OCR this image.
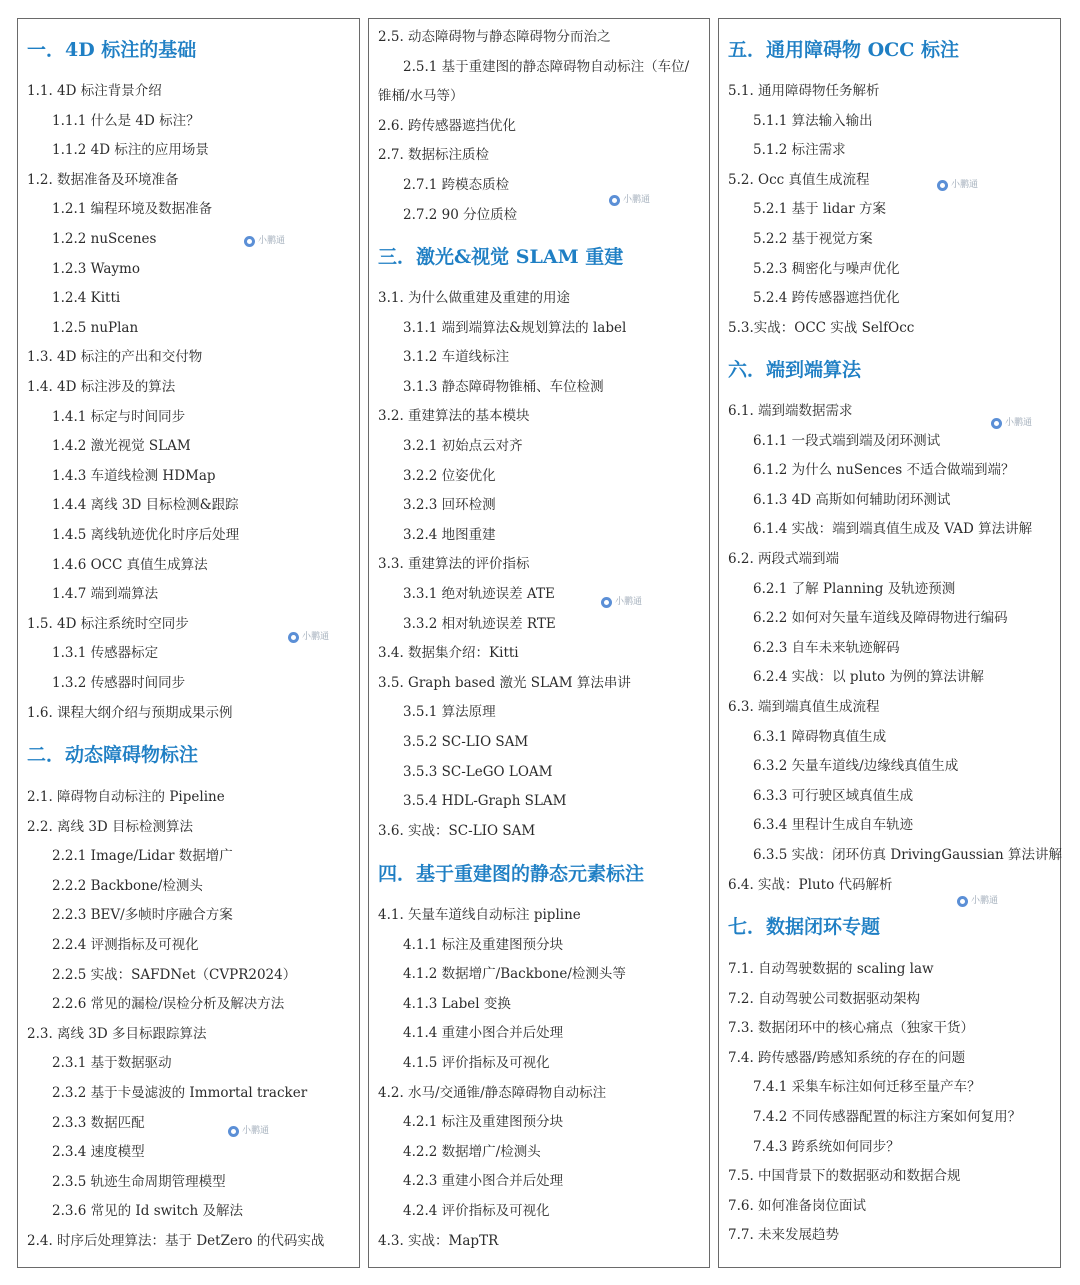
一．4D 标注的基础
1.1. 4D 标注背景介绍
1.1.1 什么是 4D 标注？
1.1.2 4D 标注的应用场景
1.2. 数据准备及环境准备
1.2.1 编程环境及数据准备
1.2.2 nuScenes
1.2.3 Waymo
1.2.4 Kitti
1.2.5 nuPlan
1.3. 4D 标注的产出和交付物
1.4. 4D 标注涉及的算法
1.4.1 标定与时间同步
1.4.2 激光视觉 SLAM
1.4.3 车道线检测 HDMap
1.4.4 离线 3D 目标检测&跟踪
1.4.5 离线轨迹优化时序后处理
1.4.6 OCC 真值生成算法
1.4.7 端到端算法
1.5. 4D 标注系统时空同步
1.3.1 传感器标定
1.3.2 传感器时间同步
1.6. 课程大纲介绍与预期成果示例
二．动态障碍物标注
2.1. 障碍物自动标注的 Pipeline
2.2. 离线 3D 目标检测算法
2.2.1 Image/Lidar 数据增广
2.2.2 Backbone/检测头
2.2.3 BEV/多帧时序融合方案
2.2.4 评测指标及可视化
2.2.5 实战：SAFDNet（CVPR2024）
2.2.6 常见的漏检/误检分析及解决方法
2.3. 离线 3D 多目标跟踪算法
2.3.1 基于数据驱动
2.3.2 基于卡曼滤波的 Immortal tracker
2.3.3 数据匹配
2.3.4 速度模型
2.3.5 轨迹生命周期管理模型
2.3.6 常见的 Id switch 及解法
2.4. 时序后处理算法：基于 DetZero 的代码实战
小鹏通
小鹏通
小鹏通
2.5. 动态障碍物与静态障碍物分而治之
2.5.1 基于重建图的静态障碍物自动标注（车位/
锥桶/水马等）
2.6. 跨传感器遮挡优化
2.7. 数据标注质检
2.7.1 跨模态质检
2.7.2 90 分位质检
三．激光&视觉 SLAM 重建
3.1. 为什么做重建及重建的用途
3.1.1 端到端算法&规划算法的 label
3.1.2 车道线标注
3.1.3 静态障碍物锥桶、车位检测
3.2. 重建算法的基本模块
3.2.1 初始点云对齐
3.2.2 位姿优化
3.2.3 回环检测
3.2.4 地图重建
3.3. 重建算法的评价指标
3.3.1 绝对轨迹误差 ATE
3.3.2 相对轨迹误差 RTE
3.4. 数据集介绍：Kitti
3.5. Graph based 激光 SLAM 算法串讲
3.5.1 算法原理
3.5.2 SC-LIO SAM
3.5.3 SC-LeGO LOAM
3.5.4 HDL-Graph SLAM
3.6. 实战：SC-LIO SAM
四．基于重建图的静态元素标注
4.1. 矢量车道线自动标注 pipline
4.1.1 标注及重建图预分块
4.1.2 数据增广/Backbone/检测头等
4.1.3 Label 变换
4.1.4 重建小图合并后处理
4.1.5 评价指标及可视化
4.2. 水马/交通锥/静态障碍物自动标注
4.2.1 标注及重建图预分块
4.2.2 数据增广/检测头
4.2.3 重建小图合并后处理
4.2.4 评价指标及可视化
4.3. 实战：MapTR
小鹏通
小鹏通
五．通用障碍物 OCC 标注
5.1. 通用障碍物任务解析
5.1.1 算法输入输出
5.1.2 标注需求
5.2. Occ 真值生成流程
5.2.1 基于 lidar 方案
5.2.2 基于视觉方案
5.2.3 稠密化与噪声优化
5.2.4 跨传感器遮挡优化
5.3.实战：OCC 实战 SelfOcc
六．端到端算法
6.1. 端到端数据需求
6.1.1 一段式端到端及闭环测试
6.1.2 为什么 nuSences 不适合做端到端？
6.1.3 4D 高斯如何辅助闭环测试
6.1.4 实战：端到端真值生成及 VAD 算法讲解
6.2. 两段式端到端
6.2.1 了解 Planning 及轨迹预测
6.2.2 如何对矢量车道线及障碍物进行编码
6.2.3 自车未来轨迹解码
6.2.4 实战：以 pluto 为例的算法讲解
6.3. 端到端真值生成流程
6.3.1 障碍物真值生成
6.3.2 矢量车道线/边缘线真值生成
6.3.3 可行驶区域真值生成
6.3.4 里程计生成自车轨迹
6.3.5 实战：闭环仿真 DrivingGaussian 算法讲解
6.4. 实战：Pluto 代码解析
七．数据闭环专题
7.1. 自动驾驶数据的 scaling law
7.2. 自动驾驶公司数据驱动架构
7.3. 数据闭环中的核心痛点（独家干货）
7.4. 跨传感器/跨感知系统的存在的问题
7.4.1 采集车标注如何迁移至量产车？
7.4.2 不同传感器配置的标注方案如何复用？
7.4.3 跨系统如何同步？
7.5. 中国背景下的数据驱动和数据合规
7.6. 如何准备岗位面试
7.7. 未来发展趋势
小鹏通
小鹏通
小鹏通
